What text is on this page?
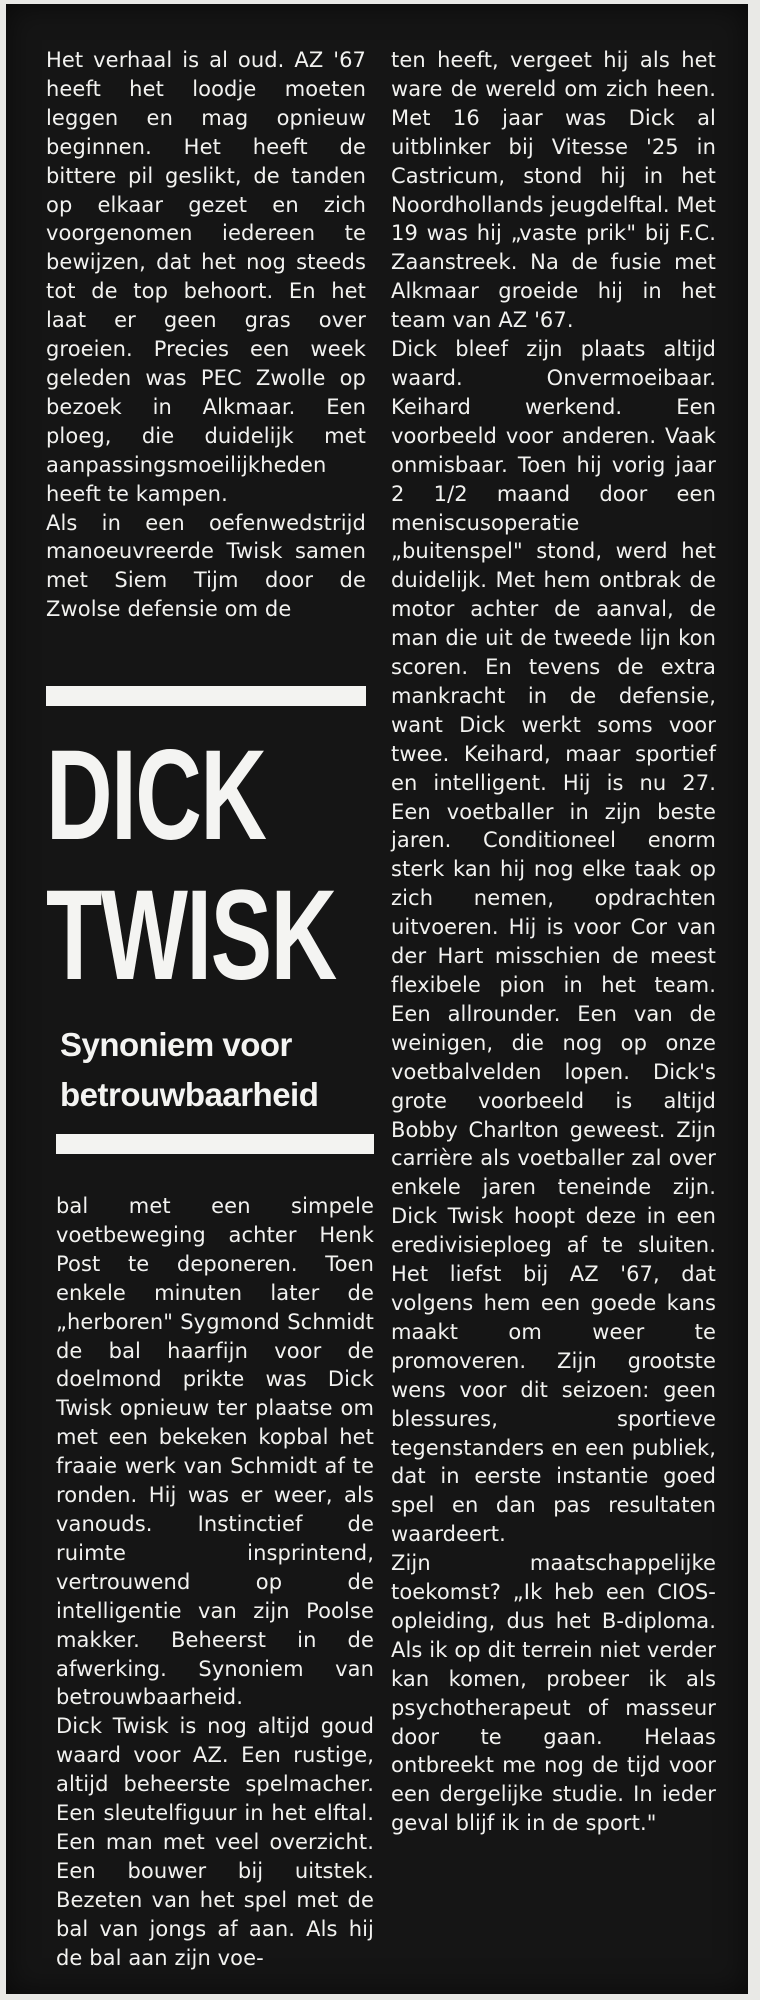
Het verhaal is al oud. AZ '67 heeft het loodje moeten leggen en mag opnieuw beginnen. Het heeft de bittere pil geslikt, de tanden op elkaar gezet en zich voorgenomen iedereen te bewijzen, dat het nog steeds tot de top behoort. En het laat er geen gras over groeien. Precies een week geleden was PEC Zwolle op bezoek in Alkmaar. Een ploeg, die duidelijk met aanpassingsmoeilijkheden heeft te kampen.

Als in een oefenwedstrijd manoeuvreerde Twisk samen met Siem Tijm door de Zwolse defensie om de

DICK
TWISK
Synoniem voor
betrouwbaarheid

bal met een simpele voetbeweging achter Henk Post te deponeren. Toen enkele minuten later de „herboren" Sygmond Schmidt de bal haarfijn voor de doelmond prikte was Dick Twisk opnieuw ter plaatse om met een bekeken kopbal het fraaie werk van Schmidt af te ronden. Hij was er weer, als vanouds. Instinctief de ruimte insprintend, vertrouwend op de intelligentie van zijn Poolse makker. Beheerst in de afwerking. Synoniem van betrouwbaarheid.

Dick Twisk is nog altijd goud waard voor AZ. Een rustige, altijd beheerste spelmacher. Een sleutelfiguur in het elftal. Een man met veel overzicht. Een bouwer bij uitstek. Bezeten van het spel met de bal van jongs af aan. Als hij de bal aan zijn voe-

ten heeft, vergeet hij als het ware de wereld om zich heen. Met 16 jaar was Dick al uitblinker bij Vitesse '25 in Castricum, stond hij in het Noordhollands jeugdelftal. Met 19 was hij „vaste prik" bij F.C. Zaanstreek. Na de fusie met Alkmaar groeide hij in het team van AZ '67.

Dick bleef zijn plaats altijd waard. Onvermoeibaar. Keihard werkend. Een voorbeeld voor anderen. Vaak onmisbaar. Toen hij vorig jaar 2 1/2 maand door een meniscusoperatie „buitenspel" stond, werd het duidelijk. Met hem ontbrak de motor achter de aanval, de man die uit de tweede lijn kon scoren. En tevens de extra mankracht in de defensie, want Dick werkt soms voor twee. Keihard, maar sportief en intelligent. Hij is nu 27. Een voetballer in zijn beste jaren. Conditioneel enorm sterk kan hij nog elke taak op zich nemen, opdrachten uitvoeren. Hij is voor Cor van der Hart misschien de meest flexibele pion in het team. Een allrounder. Een van de weinigen, die nog op onze voetbalvelden lopen. Dick's grote voorbeeld is altijd Bobby Charlton geweest. Zijn carrière als voetballer zal over enkele jaren teneinde zijn. Dick Twisk hoopt deze in een eredivisieploeg af te sluiten. Het liefst bij AZ '67, dat volgens hem een goede kans maakt om weer te promoveren. Zijn grootste wens voor dit seizoen: geen blessures, sportieve tegenstanders en een publiek, dat in eerste instantie goed spel en dan pas resultaten waardeert.

Zijn maatschappelijke toekomst? „Ik heb een CIOS-opleiding, dus het B-diploma. Als ik op dit terrein niet verder kan komen, probeer ik als psychotherapeut of masseur door te gaan. Helaas ontbreekt me nog de tijd voor een dergelijke studie. In ieder geval blijf ik in de sport."
